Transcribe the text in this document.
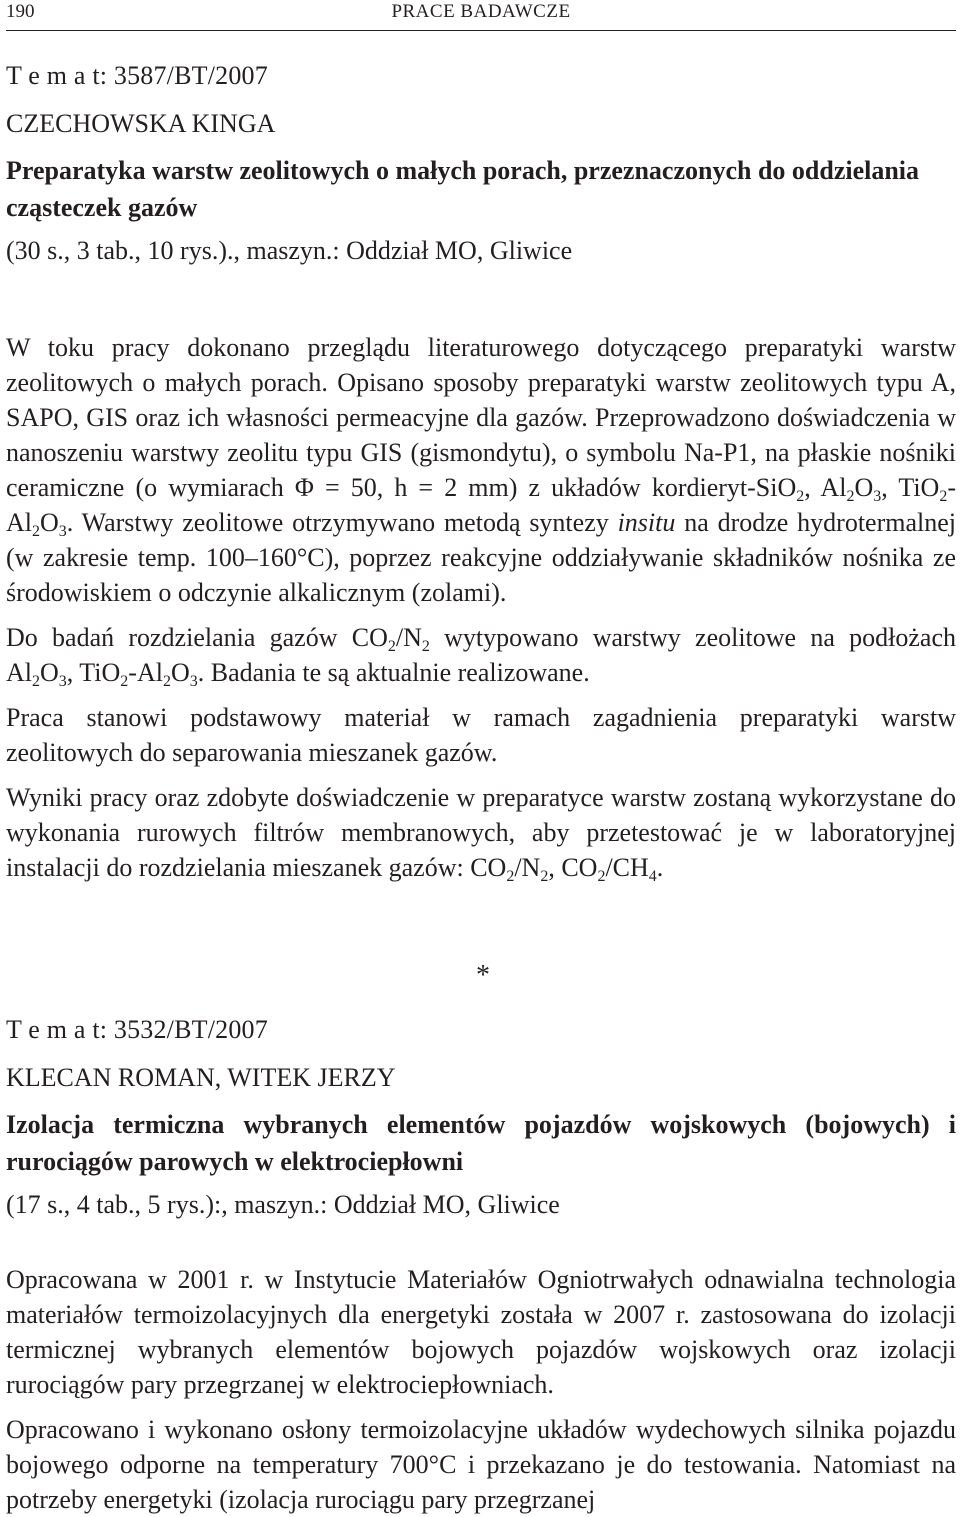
190	PRACE BADAWCZE

T e m a t: 3587/BT/2007

CZECHOWSKA KINGA

Preparatyka warstw zeolitowych o małych porach, przeznaczonych do oddzielania cząsteczek gazów

(30 s., 3 tab., 10 rys.)., maszyn.: Oddział MO, Gliwice

W toku pracy dokonano przeglądu literaturowego dotyczącego preparatyki warstw zeolitowych o małych porach. Opisano sposoby preparatyki warstw zeolitowych typu A, SAPO, GIS oraz ich własności permeacyjne dla gazów. Przeprowadzono doświadczenia w nanoszeniu warstwy zeolitu typu GIS (gismondytu), o symbolu Na-P1, na płaskie nośniki ceramiczne (o wymiarach Φ = 50, h = 2 mm) z układów kordieryt-SiO$_2$, $Al_2O_3$, $TiO_2-Al_2O_3$. Warstwy zeolitowe otrzymywano metodą syntezy insitu na drodze hydrotermalnej (w zakresie temp. 100–160°C), poprzez reakcyjne oddziaływanie składników nośnika ze środowiskiem o odczynie alkalicznym (zolami).

Do badań rozdzielania gazów $CO_2/N_2$ wytypowano warstwy zeolitowe na podłożach $Al_2O_3$, $TiO_2-Al_2O_3$. Badania te są aktualnie realizowane.

Praca stanowi podstawowy materiał w ramach zagadnienia preparatyki warstw zeolitowych do separowania mieszanek gazów.

Wyniki pracy oraz zdobyte doświadczenie w preparatyce warstw zostaną wykorzystane do wykonania rurowych filtrów membranowych, aby przetestować je w laboratoryjnej instalacji do rozdzielania mieszanek gazów: $CO_2/N_2$, $CO_2/CH_4$.

*

T e m a t: 3532/BT/2007

KLECAN ROMAN, WITEK JERZY

Izolacja termiczna wybranych elementów pojazdów wojskowych (bojowych) i rurociągów parowych w elektrociepłowni

(17 s., 4 tab., 5 rys.):, maszyn.: Oddział MO, Gliwice

Opracowana w 2001 r. w Instytucie Materiałów Ogniotrwałych odnawialna technologia materiałów termoizolacyjnych dla energetyki została w 2007 r. zastosowana do izolacji termicznej wybranych elementów bojowych pojazdów wojskowych oraz izolacji rurociągów pary przegrzanej w elektrociepłowniach.

Opracowano i wykonano osłony termoizolacyjne układów wydechowych silnika pojazdu bojowego odporne na temperatury 700°C i przekazano je do testowania. Natomiast na potrzeby energetyki (izolacja rurociągu pary przegrzanej
